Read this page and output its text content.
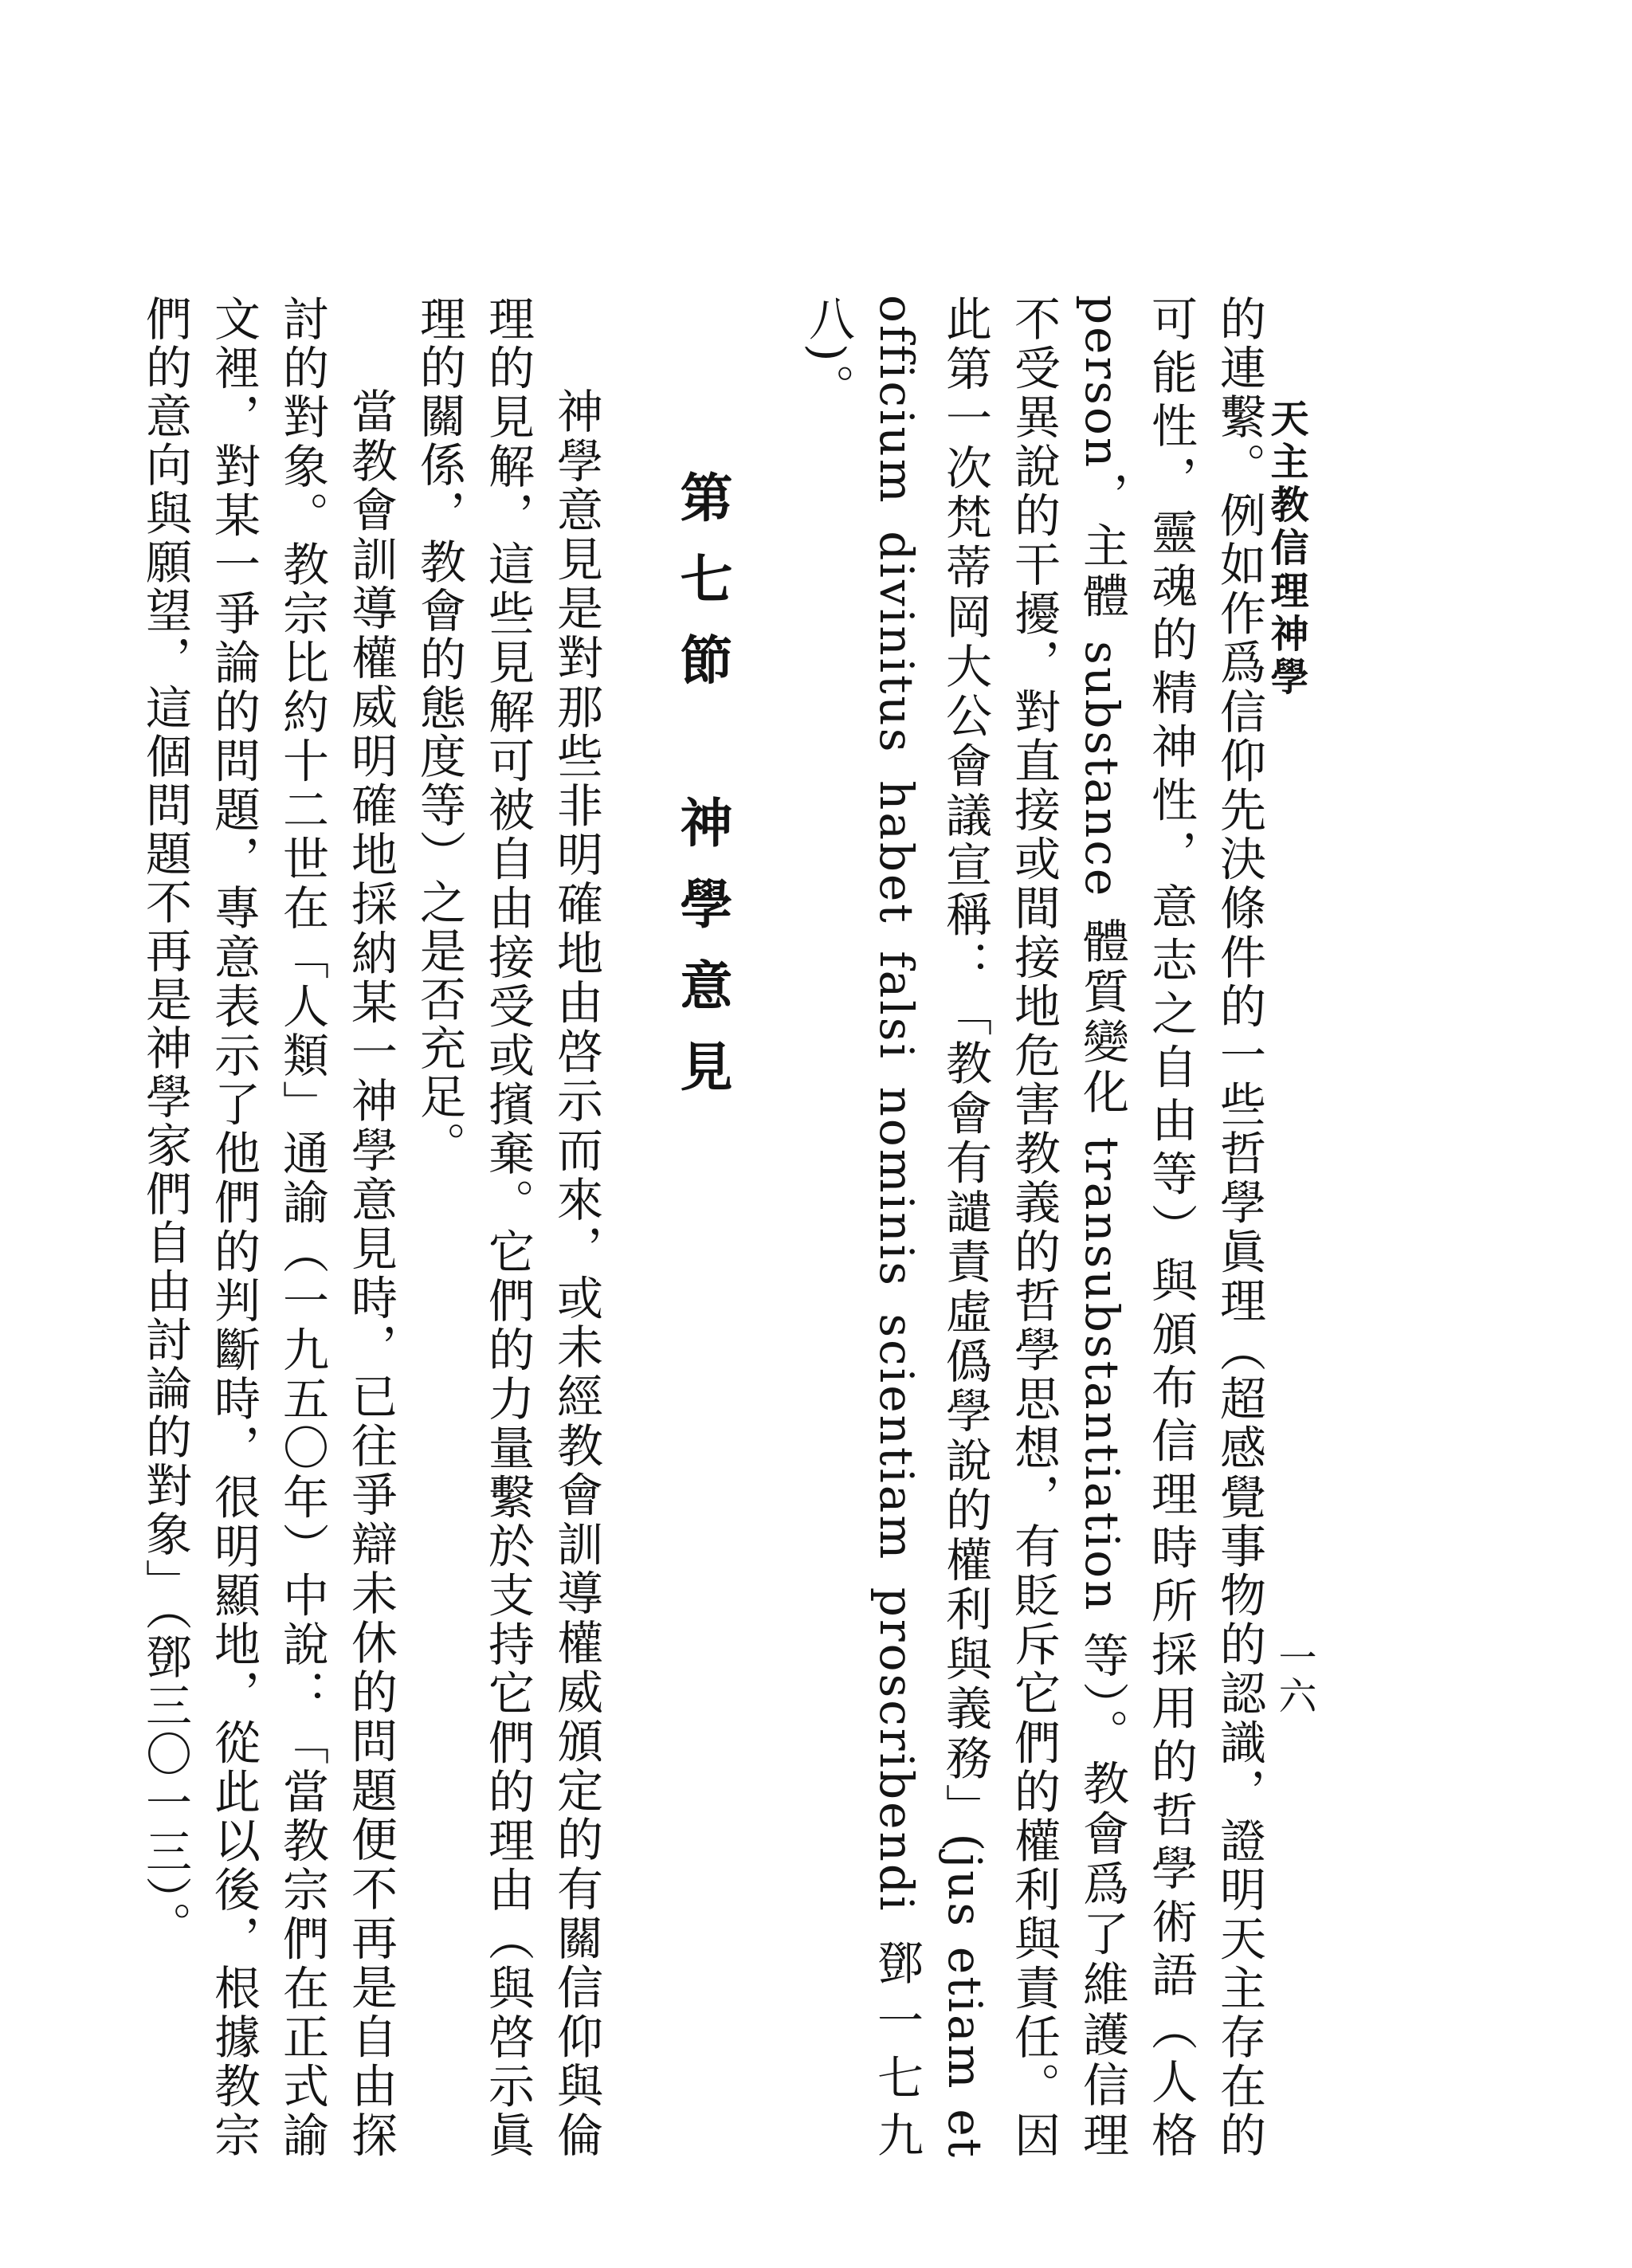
天主教信理神學
一六

的連繫。例如作爲信仰先決條件的一些哲學眞理（超感覺事物的認識，證明天主存在的可能性，靈魂的精神性，意志之自由等）與頒布信理時所採用的哲學術語（人格 person，主體 substance 體質變化 transubstantiation 等）。教會爲了維護信理不受異說的干擾，對直接或間接地危害教義的哲學思想，有貶斥它們的權利與責任。因此第一次梵蒂岡大公會議宣稱：「教會有譴責虛僞學說的權利與義務」(jus etiam et officium divinitus habet falsi nominis scientiam proscribendi 鄧一七九八)。

第七節　神學意見

神學意見是對那些非明確地由啓示而來，或未經教會訓導權威頒定的有關信仰與倫理的見解，這些見解可被自由接受或擯棄。它們的力量繫於支持它們的理由（與啓示眞理的關係，教會的態度等）之是否充足。

當教會訓導權威明確地採納某一神學意見時，已往爭辯未休的問題便不再是自由探討的對象。教宗比約十二世在「人類」通諭（一九五〇年）中說：「當教宗們在正式諭文裡，對某一爭論的問題，專意表示了他們的判斷時，很明顯地，從此以後，根據教宗們的意向與願望，這個問題不再是神學家們自由討論的對象」（鄧三〇一三）。
